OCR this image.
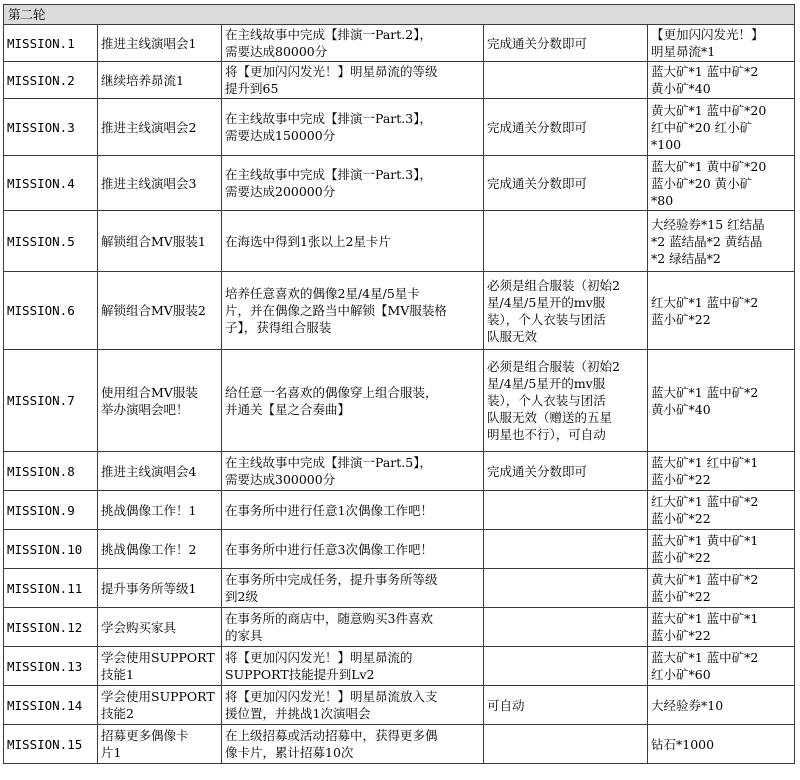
第二轮				
MISSION.1	推进主线演唱会1	在主线故事中完成【排演一Part.2】，
需要达成80000分	完成通关分数即可	【更加闪闪发光！】
明星昴流*1
MISSION.2	继续培养昴流1	将【更加闪闪发光！】明星昴流的等级
提升到65		蓝大矿*1 蓝中矿*2
黄小矿*40
MISSION.3	推进主线演唱会2	在主线故事中完成【排演一Part.3】，
需要达成150000分	完成通关分数即可	黄大矿*1 蓝中矿*20
红中矿*20 红小矿
*100
MISSION.4	推进主线演唱会3	在主线故事中完成【排演一Part.3】，
需要达成200000分	完成通关分数即可	蓝大矿*1 黄中矿*20
蓝小矿*20 黄小矿
*80
MISSION.5	解锁组合MV服装1	在海选中得到1张以上2星卡片		大经验券*15 红结晶
*2 蓝结晶*2 黄结晶
*2 绿结晶*2
MISSION.6	解锁组合MV服装2	培养任意喜欢的偶像2星/4星/5星卡
片，并在偶像之路当中解锁【MV服装格
子】，获得组合服装	必须是组合服装（初始2
星/4星/5星开的mv服
装），个人衣装与团活
队服无效	红大矿*1 蓝中矿*2
蓝小矿*22
MISSION.7	使用组合MV服装
举办演唱会吧！	给任意一名喜欢的偶像穿上组合服装，
并通关【星之合奏曲】	必须是组合服装（初始2
星/4星/5星开的mv服
装），个人衣装与团活
队服无效（赠送的五星
明星也不行），可自动	蓝大矿*1 蓝中矿*2
黄小矿*40
MISSION.8	推进主线演唱会4	在主线故事中完成【排演一Part.5】，
需要达成300000分	完成通关分数即可	蓝大矿*1 红中矿*1
蓝小矿*22
MISSION.9	挑战偶像工作！1	在事务所中进行任意1次偶像工作吧！		红大矿*1 蓝中矿*2
蓝小矿*22
MISSION.10	挑战偶像工作！2	在事务所中进行任意3次偶像工作吧！		蓝大矿*1 黄中矿*1
蓝小矿*22
MISSION.11	提升事务所等级1	在事务所中完成任务，提升事务所等级
到2级		黄大矿*1 蓝中矿*2
蓝小矿*22
MISSION.12	学会购买家具	在事务所的商店中，随意购买3件喜欢
的家具		蓝大矿*1 蓝中矿*1
蓝小矿*22
MISSION.13	学会使用SUPPORT
技能1	将【更加闪闪发光！】明星昴流的
SUPPORT技能提升到Lv2		蓝大矿*1 蓝中矿*2
红小矿*60
MISSION.14	学会使用SUPPORT
技能2	将【更加闪闪发光！】明星昴流放入支
援位置，并挑战1次演唱会	可自动	大经验券*10
MISSION.15	招募更多偶像卡
片1	在上级招募或活动招募中，获得更多偶
像卡片，累计招募10次		钻石*1000
